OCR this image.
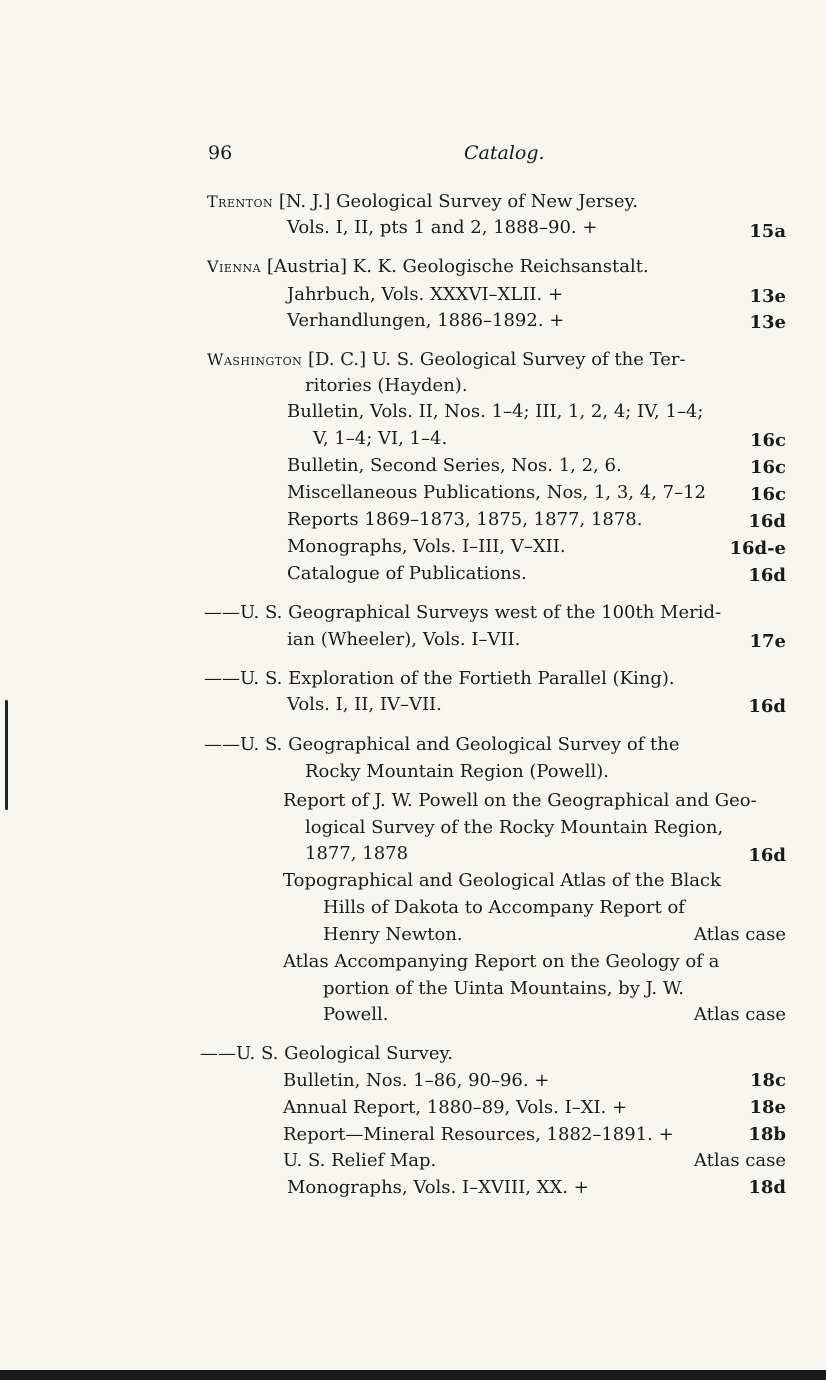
96	Catalog.
Trenton [N. J.] Geological Survey of New Jersey.
Vols. I, II, pts 1 and 2, 1888–90. +	15a
Vienna [Austria] K. K. Geologische Reichsanstalt.
Jahrbuch, Vols. XXXVI–XLII. +	13e
Verhandlungen, 1886–1892. +	13e
Washington [D. C.] U. S. Geological Survey of the Ter-
ritories (Hayden).
Bulletin, Vols. II, Nos. 1–4; III, 1, 2, 4; IV, 1–4;
V, 1–4; VI, 1–4.	16c
Bulletin, Second Series, Nos. 1, 2, 6.	16c
Miscellaneous Publications, Nos, 1, 3, 4, 7–12 16c
Reports 1869–1873, 1875, 1877, 1878.	16d
Monographs, Vols. I–III, V–XII.	16d-e
Catalogue of Publications.	16d
——U. S. Geographical Surveys west of the 100th Merid-
ian (Wheeler), Vols. I–VII.	17e
——U. S. Exploration of the Fortieth Parallel (King).
Vols. I, II, IV–VII.	16d
——U. S. Geographical and Geological Survey of the
Rocky Mountain Region (Powell).
Report of J. W. Powell on the Geographical and Geo-
logical Survey of the Rocky Mountain Region,
1877, 1878	16d
Topographical and Geological Atlas of the Black
Hills of Dakota to Accompany Report of
Henry Newton.	Atlas case
Atlas Accompanying Report on the Geology of a
portion of the Uinta Mountains, by J. W.
Powell.	Atlas case
——U. S. Geological Survey.
Bulletin, Nos. 1–86, 90–96. +	18c
Annual Report, 1880–89, Vols. I–XI. +	18e
Report—Mineral Resources, 1882–1891. +	18b
U. S. Relief Map.	Atlas case
Monographs, Vols. I–XVIII, XX. +	18d
